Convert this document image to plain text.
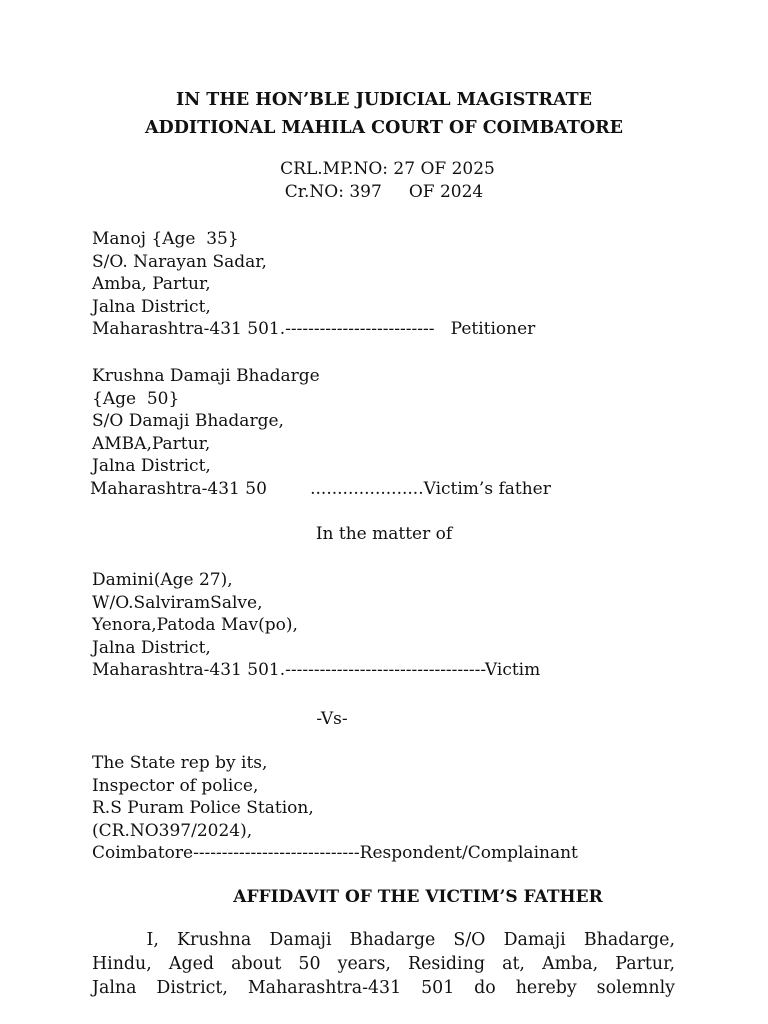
IN THE HON’BLE JUDICIAL MAGISTRATE
ADDITIONAL MAHILA COURT OF COIMBATORE
CRL.MP.NO: 27 OF 2025
Cr.NO: 397     OF 2024
Manoj {Age  35}
S/O. Narayan Sadar,
Amba, Partur,
Jalna District,
Maharashtra-431 501.--------------------------   Petitioner
Krushna Damaji Bhadarge
{Age  50}
S/O Damaji Bhadarge,
AMBA,Partur,
Jalna District,
Maharashtra-431 50        .....................Victim’s father
In the matter of
Damini(Age 27),
W/O.SalviramSalve,
Yenora,Patoda Mav(po),
Jalna District,
Maharashtra-431 501.-----------------------------------Victim
-Vs-
The State rep by its,
Inspector of police,
R.S Puram Police Station,
(CR.NO397/2024),
Coimbatore-----------------------------Respondent/Complainant
AFFIDAVIT OF THE VICTIM’S FATHER
I, Krushna Damaji Bhadarge S/O Damaji Bhadarge,
Hindu, Aged about 50 years, Residing at, Amba, Partur,
Jalna District, Maharashtra-431 501 do hereby solemnly
